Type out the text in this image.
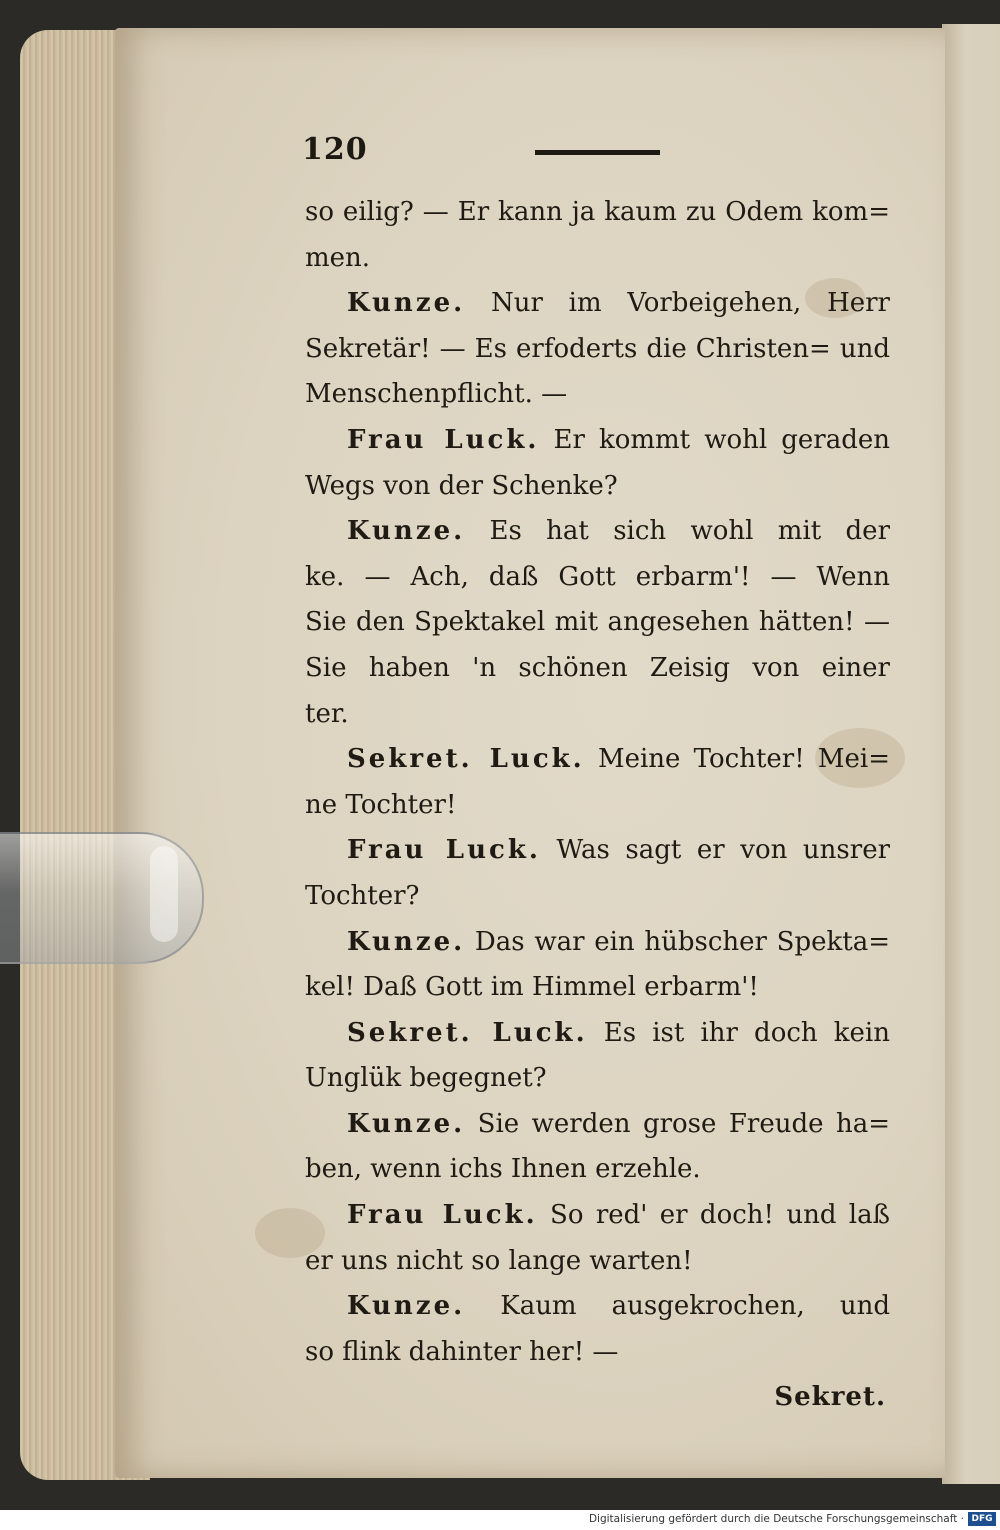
120
so eilig? — Er kann ja kaum zu Odem kom=
men.
Kunze. Nur im Vorbeigehen, Herr
Sekretär! — Es erfoderts die Christen= und
Menschenpflicht. —
Frau Luck. Er kommt wohl geraden
Wegs von der Schenke?
Kunze. Es hat sich wohl mit der
ke. — Ach, daß Gott erbarm'! — Wenn
Sie den Spektakel mit angesehen hätten! —
Sie haben 'n schönen Zeisig von einer
ter.
Sekret. Luck. Meine Tochter! Mei=
ne Tochter!
Frau Luck. Was sagt er von unsrer
Tochter?
Kunze. Das war ein hübscher Spekta=
kel! Daß Gott im Himmel erbarm'!
Sekret. Luck. Es ist ihr doch kein
Unglük begegnet?
Kunze. Sie werden grose Freude ha=
ben, wenn ichs Ihnen erzehle.
Frau Luck. So red' er doch! und laß
er uns nicht so lange warten!
Kunze. Kaum ausgekrochen, und
so flink dahinter her! —
Sekret.
Digitalisierung gefördert durch die Deutsche Forschungsgemeinschaft · DFG
